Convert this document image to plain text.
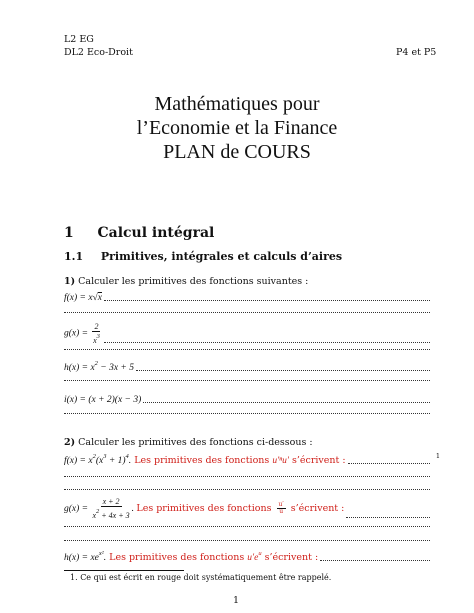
L2 EG
DL2 Eco-Droit	P4 et P5
Mathématiques pour
l’Economie et la Finance
PLAN de COURS
1 Calcul intégral
1.1 Primitives, intégrales et calculs d’aires
1) Calculer les primitives des fonctions suivantes :
f(x) = x√x
$g(x) = \frac{2}{x^3}$
$h(x) = x^2 - 3x + 5$
i(x) = (x + 2)(x − 3)
2) Calculer les primitives des fonctions ci-dessous :
$f(x) = x^2(x^3 + 1)^4$. Les primitives des fonctions u′ⁿu′ s’écrivent :	1
$g(x) = \frac{x + 2}{x^2 + 4x + 3}$ . Les primitives des fonctions $\frac{u'}{u}$ s’écrivent :
$h(x) = xe^{x^2}$. Les primitives des fonctions $u'e^u$ s’écrivent :
1. Ce qui est écrit en rouge doit systématiquement être rappelé.
1
